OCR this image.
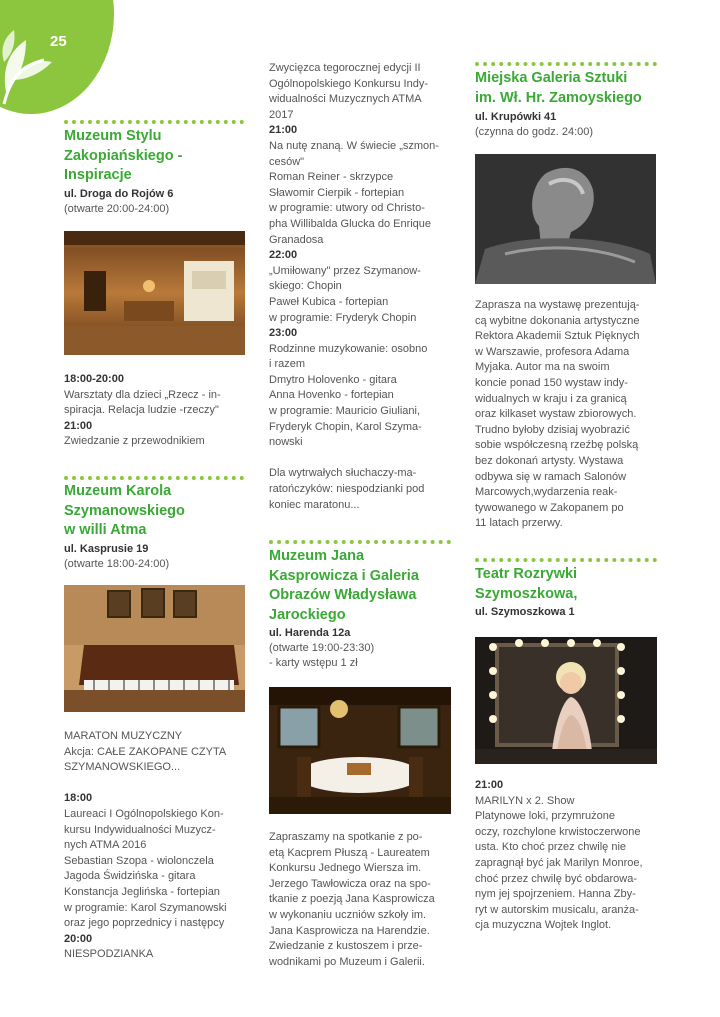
25
Muzeum Stylu
Zakopiańskiego -
Inspiracje
ul. Droga do Rojów 6
(otwarte 20:00-24:00)
18:00-20:00
Warsztaty dla dzieci „Rzecz - in-
spiracja. Relacja ludzie -rzeczy"
21:00
Zwiedzanie z przewodnikiem
Muzeum Karola
Szymanowskiego
w willi Atma
ul. Kasprusie 19
(otwarte 18:00-24:00)
MARATON MUZYCZNY
Akcja: CAŁE ZAKOPANE CZYTA
SZYMANOWSKIEGO...

18:00
Laureaci I Ogólnopolskiego Kon-
kursu Indywidualności Muzycz-
nych ATMA 2016
Sebastian Szopa - wiolonczela
Jagoda Świdzińska - gitara
Konstancja Jeglińska - fortepian
w programie: Karol Szymanowski
oraz jego poprzednicy i następcy
20:00
NIESPODZIANKA
Zwycięzca tegorocznej edycji II
Ogólnopolskiego Konkursu Indy-
widualności Muzycznych ATMA
2017
21:00
Na nutę znaną. W świecie „szmon-
cesów"
Roman Reiner - skrzypce
Sławomir Cierpik - fortepian
w programie: utwory od Christo-
pha Willibalda Glucka do Enrique
Granadosa
22:00
„Umiłowany" przez Szymanow-
skiego: Chopin
Paweł Kubica - fortepian
w programie: Fryderyk Chopin
23:00
Rodzinne muzykowanie: osobno
i razem
Dmytro Holovenko - gitara
Anna Hovenko - fortepian
w programie: Mauricio Giuliani,
Fryderyk Chopin, Karol Szyma-
nowski

Dla wytrwałych słuchaczy-ma-
ratończyków: niespodzianki pod
koniec maratonu...
Muzeum Jana
Kasprowicza i Galeria
Obrazów Władysława
Jarockiego
ul. Harenda 12a
(otwarte 19:00-23:30)
- karty wstępu 1 zł
Zapraszamy na spotkanie z po-
etą Kacprem Płuszą - Laureatem
Konkursu Jednego Wiersza im.
Jerzego Tawłowicza oraz na spo-
tkanie z poezją Jana Kasprowicza
w wykonaniu uczniów szkoły im.
Jana Kasprowicza na Harendzie.
Zwiedzanie z kustoszem i prze-
wodnikami po Muzeum i Galerii.
Miejska Galeria Sztuki
im. Wł. Hr. Zamoyskiego
ul. Krupówki 41
(czynna do godz. 24:00)
Zaprasza na wystawę prezentują-
cą wybitne dokonania artystyczne
Rektora Akademii Sztuk Pięknych
w Warszawie, profesora Adama
Myjaka. Autor ma na swoim
koncie ponad 150 wystaw indy-
widualnych w kraju i za granicą
oraz kilkaset wystaw zbiorowych.
Trudno byłoby dzisiaj wyobrazić
sobie współczesną rzeźbę polską
bez dokonań artysty. Wystawa
odbywa się w ramach Salonów
Marcowych,wydarzenia reak-
tywowanego w Zakopanem po
11 latach przerwy.
Teatr Rozrywki
Szymoszkowa,
ul. Szymoszkowa 1
21:00
MARILYN x 2. Show
Platynowe loki, przymrużone
oczy, rozchylone krwistoczerwone
usta. Kto choć przez chwilę nie
zapragnął być jak Marilyn Monroe,
choć przez chwilę być obdarowa-
nym jej spojrzeniem. Hanna Zby-
ryt w autorskim musicalu, aranża-
cja muzyczna Wojtek Inglot.
